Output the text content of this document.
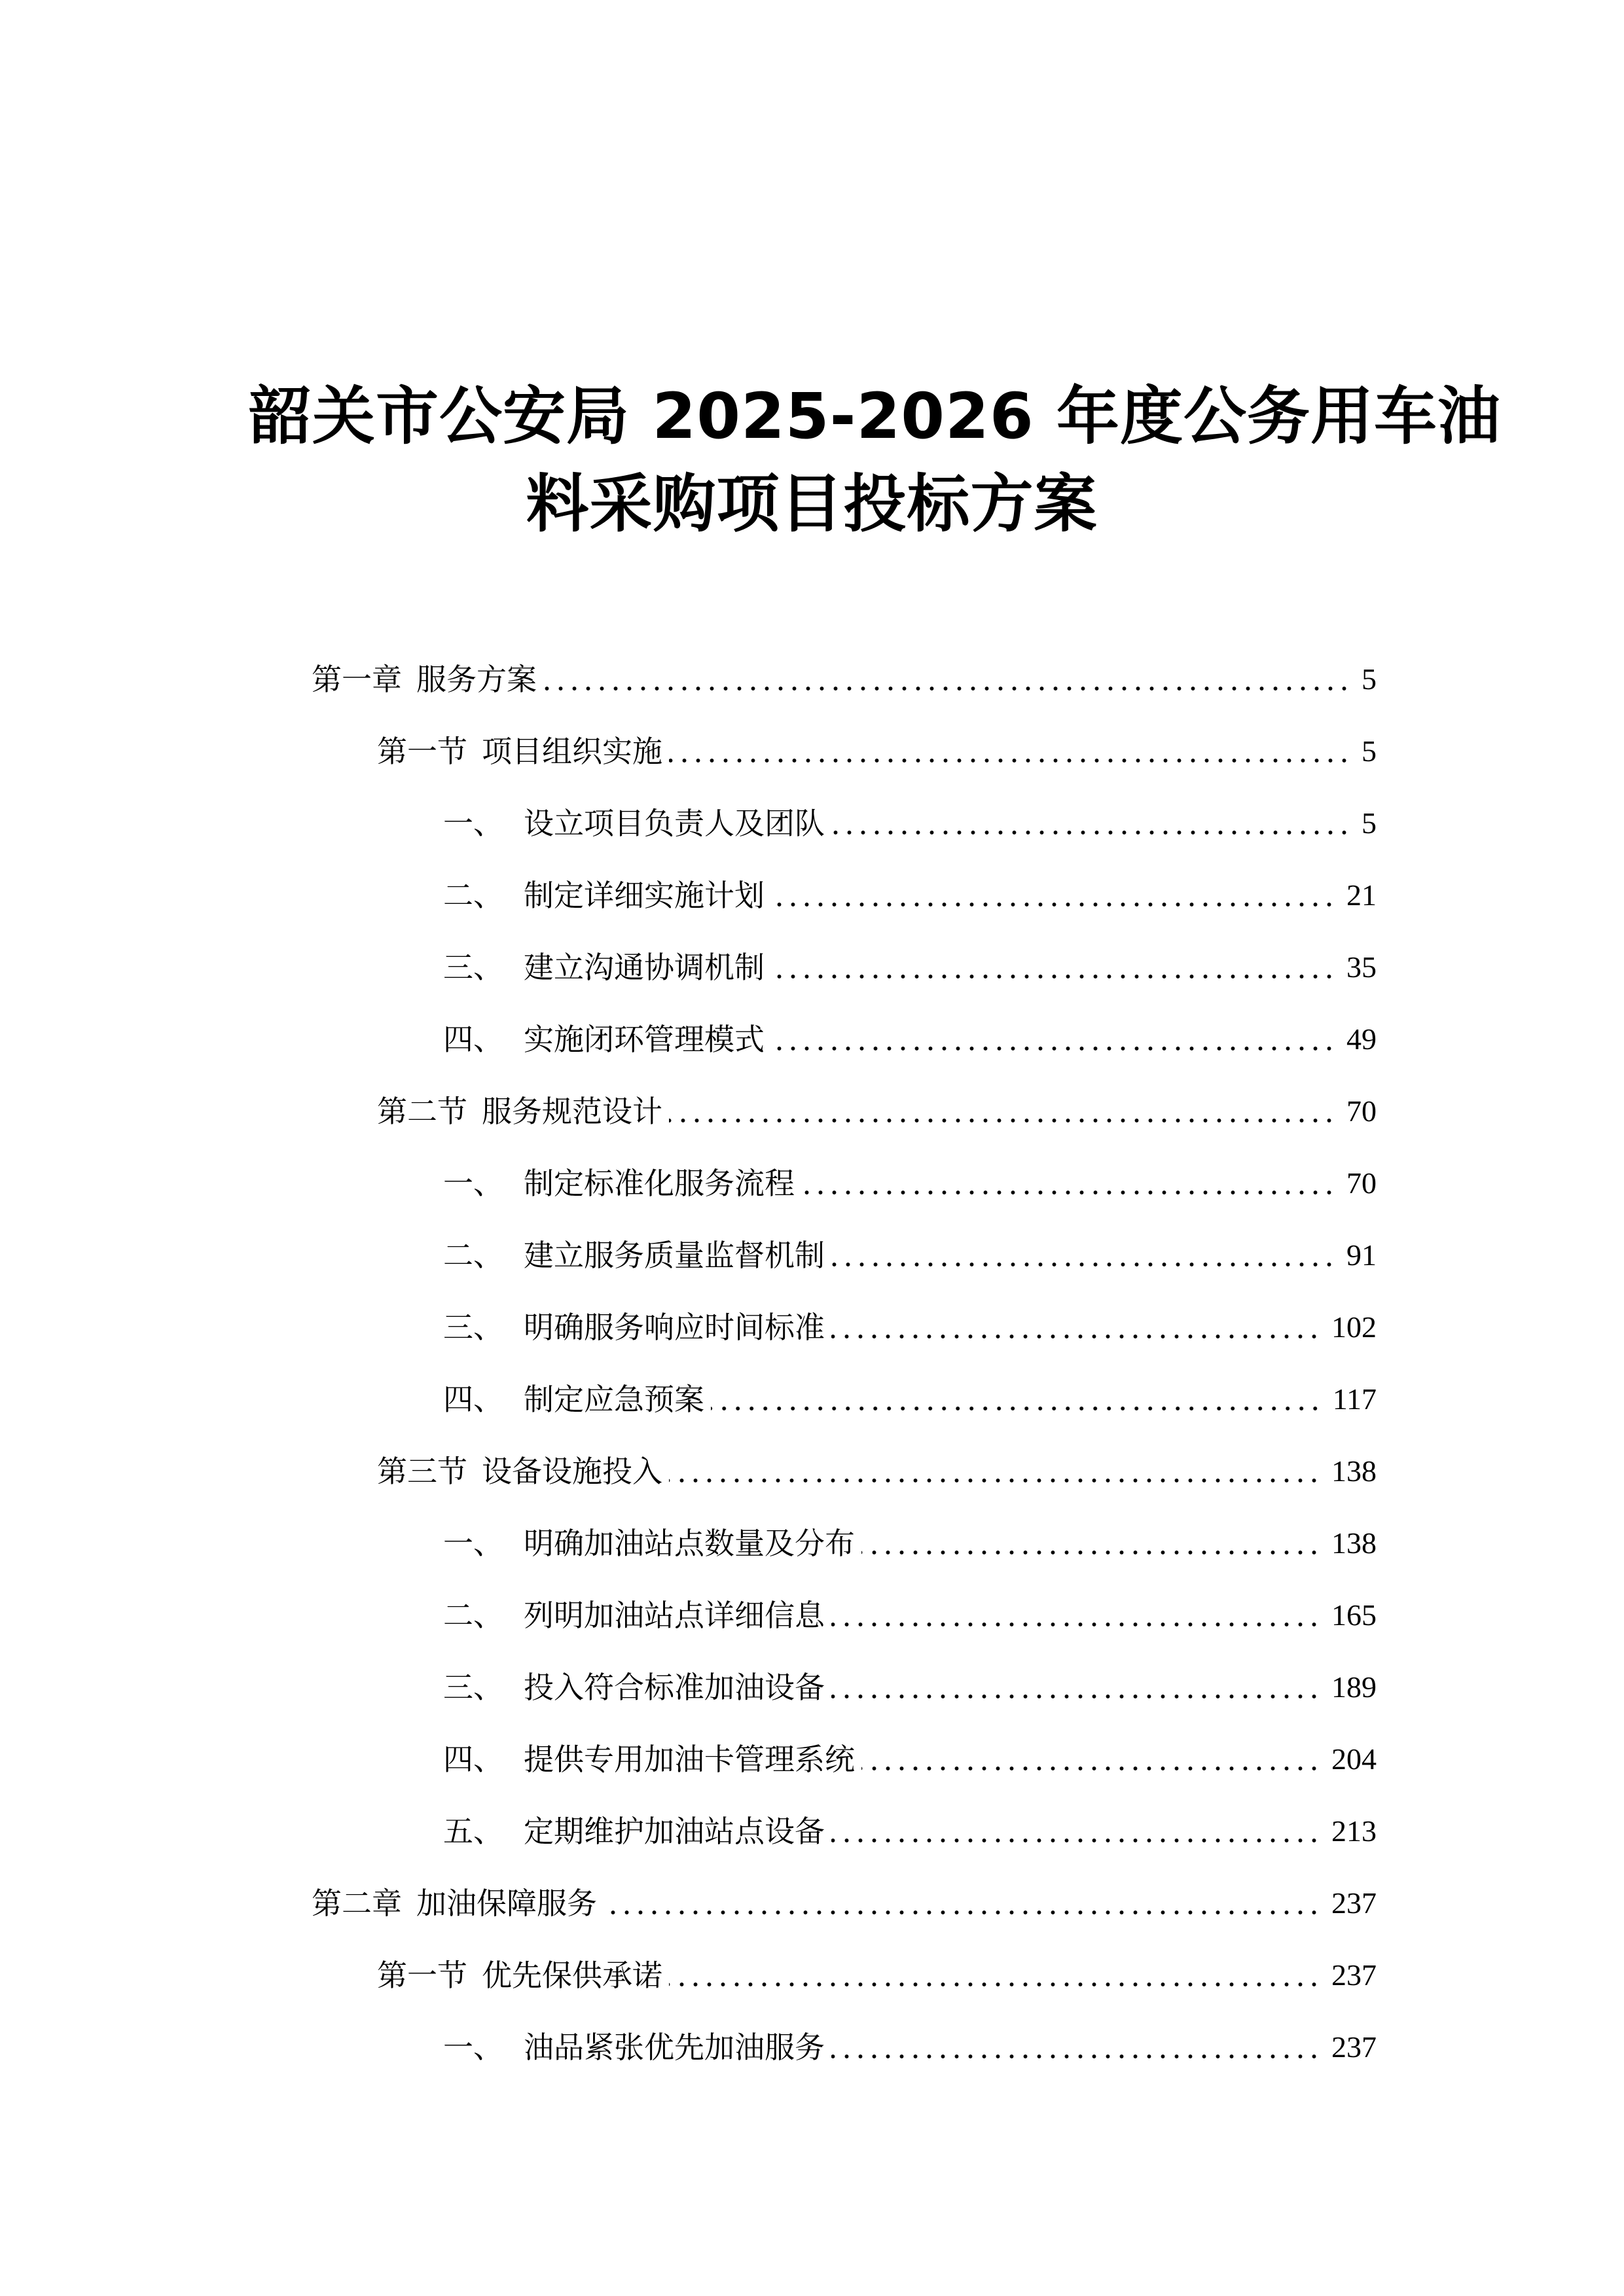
韶关市公安局 2025-2026 年度公务用车油
料采购项目投标方案
第一章 服务方案	5
第一节 项目组织实施	5
一、 设立项目负责人及团队	5
二、 制定详细实施计划	21
三、 建立沟通协调机制	35
四、 实施闭环管理模式	49
第二节 服务规范设计	70
一、 制定标准化服务流程	70
二、 建立服务质量监督机制	91
三、 明确服务响应时间标准	102
四、 制定应急预案	117
第三节 设备设施投入	138
一、 明确加油站点数量及分布	138
二、 列明加油站点详细信息	165
三、 投入符合标准加油设备	189
四、 提供专用加油卡管理系统	204
五、 定期维护加油站点设备	213
第二章 加油保障服务	237
第一节 优先保供承诺	237
一、 油品紧张优先加油服务	237
